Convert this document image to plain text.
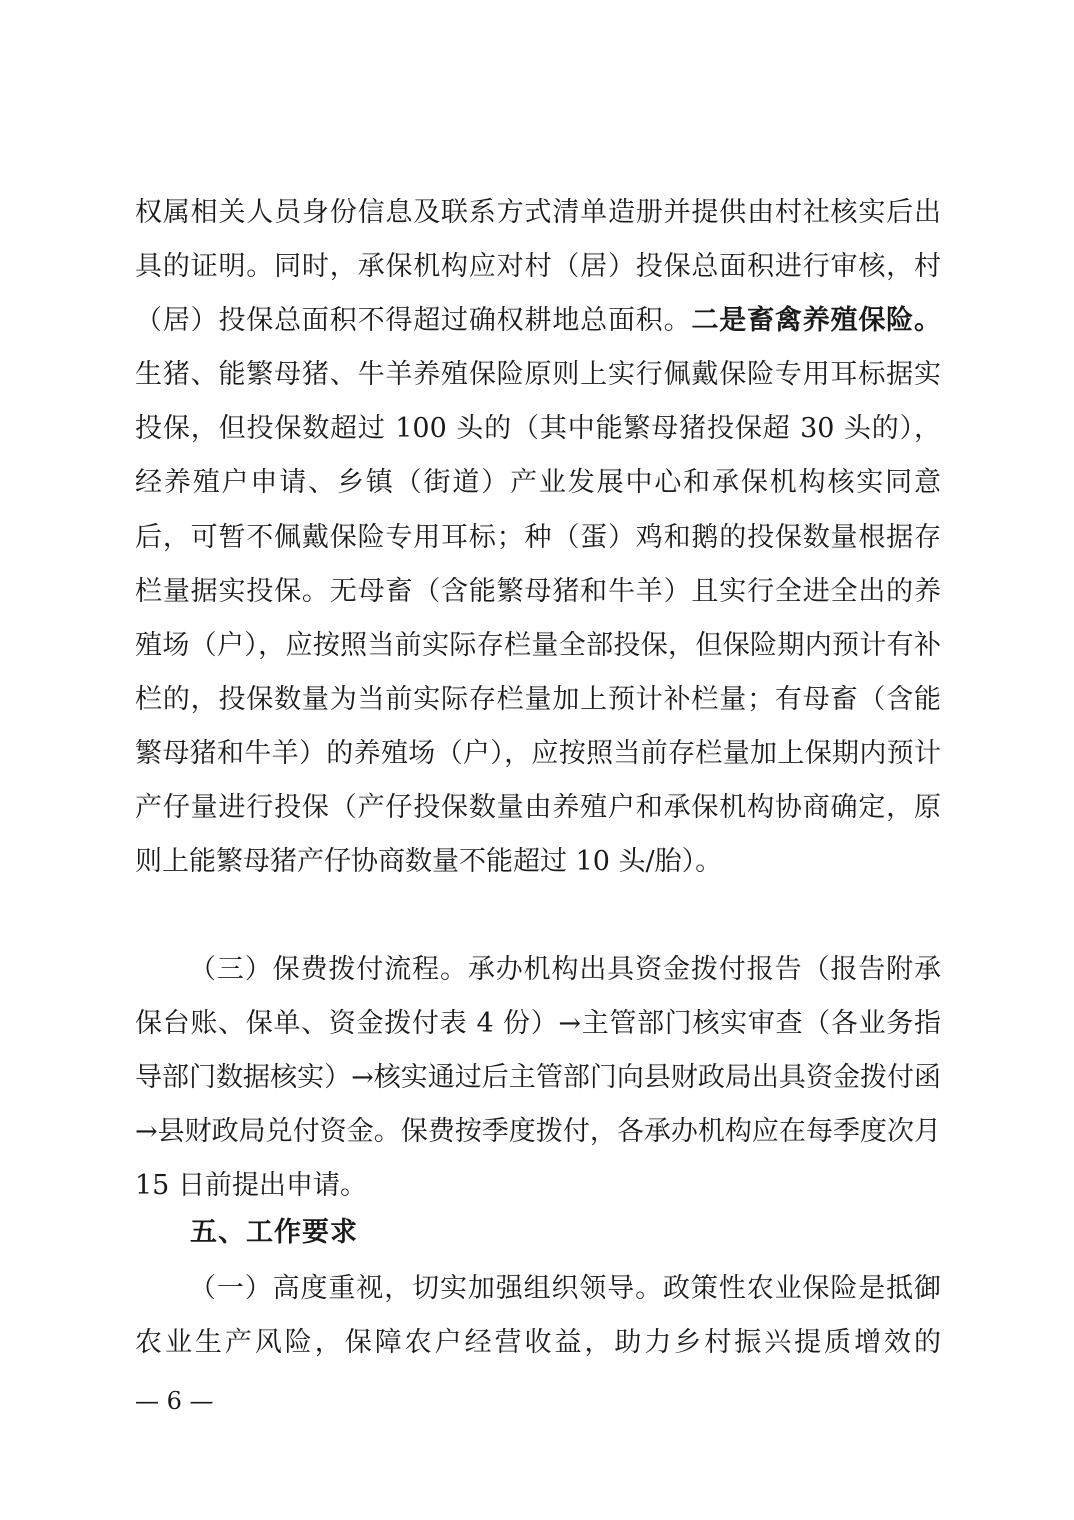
权属相关人员身份信息及联系方式清单造册并提供由村社核实后出具的证明。同时，承保机构应对村（居）投保总面积进行审核，村（居）投保总面积不得超过确权耕地总面积。二是畜禽养殖保险。生猪、能繁母猪、牛羊养殖保险原则上实行佩戴保险专用耳标据实投保，但投保数超过 100 头的（其中能繁母猪投保超 30 头的），经养殖户申请、乡镇（街道）产业发展中心和承保机构核实同意后，可暂不佩戴保险专用耳标；种（蛋）鸡和鹅的投保数量根据存栏量据实投保。无母畜（含能繁母猪和牛羊）且实行全进全出的养殖场（户），应按照当前实际存栏量全部投保，但保险期内预计有补栏的，投保数量为当前实际存栏量加上预计补栏量；有母畜（含能繁母猪和牛羊）的养殖场（户），应按照当前存栏量加上保期内预计产仔量进行投保（产仔投保数量由养殖户和承保机构协商确定，原则上能繁母猪产仔协商数量不能超过 10 头/胎）。

（三）保费拨付流程。承办机构出具资金拨付报告（报告附承保台账、保单、资金拨付表 4 份）→主管部门核实审查（各业务指导部门数据核实）→核实通过后主管部门向县财政局出具资金拨付函→县财政局兑付资金。保费按季度拨付，各承办机构应在每季度次月 15 日前提出申请。

五、工作要求

（一）高度重视，切实加强组织领导。政策性农业保险是抵御农业生产风险，保障农户经营收益，助力乡村振兴提质增效的

— 6 —
